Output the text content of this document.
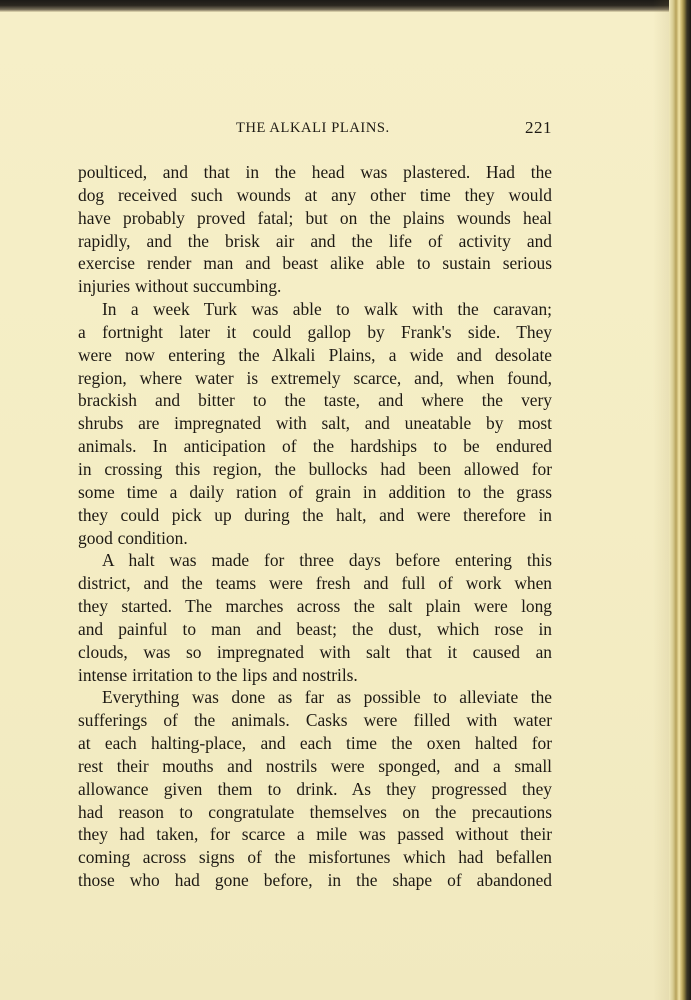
THE ALKALI PLAINS.	221

poulticed, and that in the head was plastered. Had the
dog received such wounds at any other time they would
have probably proved fatal; but on the plains wounds heal
rapidly, and the brisk air and the life of activity and
exercise render man and beast alike able to sustain serious
injuries without succumbing.

In a week Turk was able to walk with the caravan;
a fortnight later it could gallop by Frank's side. They
were now entering the Alkali Plains, a wide and desolate
region, where water is extremely scarce, and, when found,
brackish and bitter to the taste, and where the very
shrubs are impregnated with salt, and uneatable by most
animals. In anticipation of the hardships to be endured
in crossing this region, the bullocks had been allowed for
some time a daily ration of grain in addition to the grass
they could pick up during the halt, and were therefore in
good condition.

A halt was made for three days before entering this
district, and the teams were fresh and full of work when
they started. The marches across the salt plain were long
and painful to man and beast; the dust, which rose in
clouds, was so impregnated with salt that it caused an
intense irritation to the lips and nostrils.

Everything was done as far as possible to alleviate the
sufferings of the animals. Casks were filled with water
at each halting-place, and each time the oxen halted for
rest their mouths and nostrils were sponged, and a small
allowance given them to drink. As they progressed they
had reason to congratulate themselves on the precautions
they had taken, for scarce a mile was passed without their
coming across signs of the misfortunes which had befallen
those who had gone before, in the shape of abandoned
